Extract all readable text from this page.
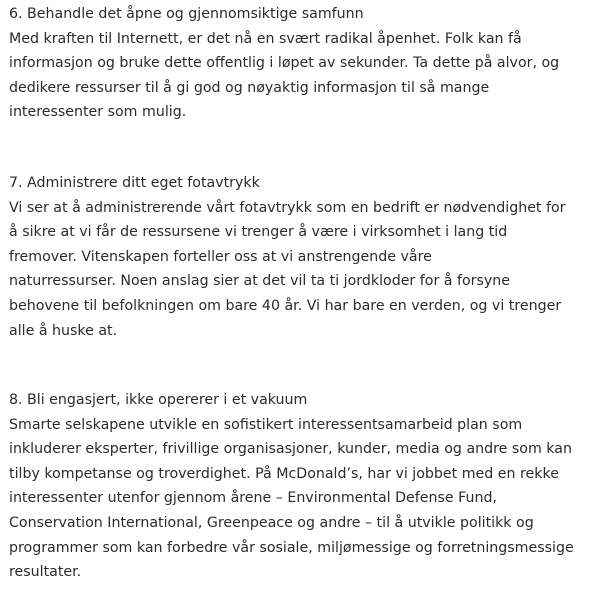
6. Behandle det åpne og gjennomsiktige samfunn
Med kraften til Internett, er det nå en svært radikal åpenhet. Folk kan få
informasjon og bruke dette offentlig i løpet av sekunder. Ta dette på alvor, og
dedikere ressurser til å gi god og nøyaktig informasjon til så mange
interessenter som mulig.
7. Administrere ditt eget fotavtrykk
Vi ser at å administrerende vårt fotavtrykk som en bedrift er nødvendighet for
å sikre at vi får de ressursene vi trenger å være i virksomhet i lang tid
fremover. Vitenskapen forteller oss at vi anstrengende våre
naturressurser. Noen anslag sier at det vil ta ti jordkloder for å forsyne
behovene til befolkningen om bare 40 år. Vi har bare en verden, og vi trenger
alle å huske at.
8. Bli engasjert, ikke opererer i et vakuum
Smarte selskapene utvikle en sofistikert interessentsamarbeid plan som
inkluderer eksperter, frivillige organisasjoner, kunder, media og andre som kan
tilby kompetanse og troverdighet. På McDonald’s, har vi jobbet med en rekke
interessenter utenfor gjennom årene – Environmental Defense Fund,
Conservation International, Greenpeace og andre – til å utvikle politikk og
programmer som kan forbedre vår sosiale, miljømessige og forretningsmessige
resultater.
